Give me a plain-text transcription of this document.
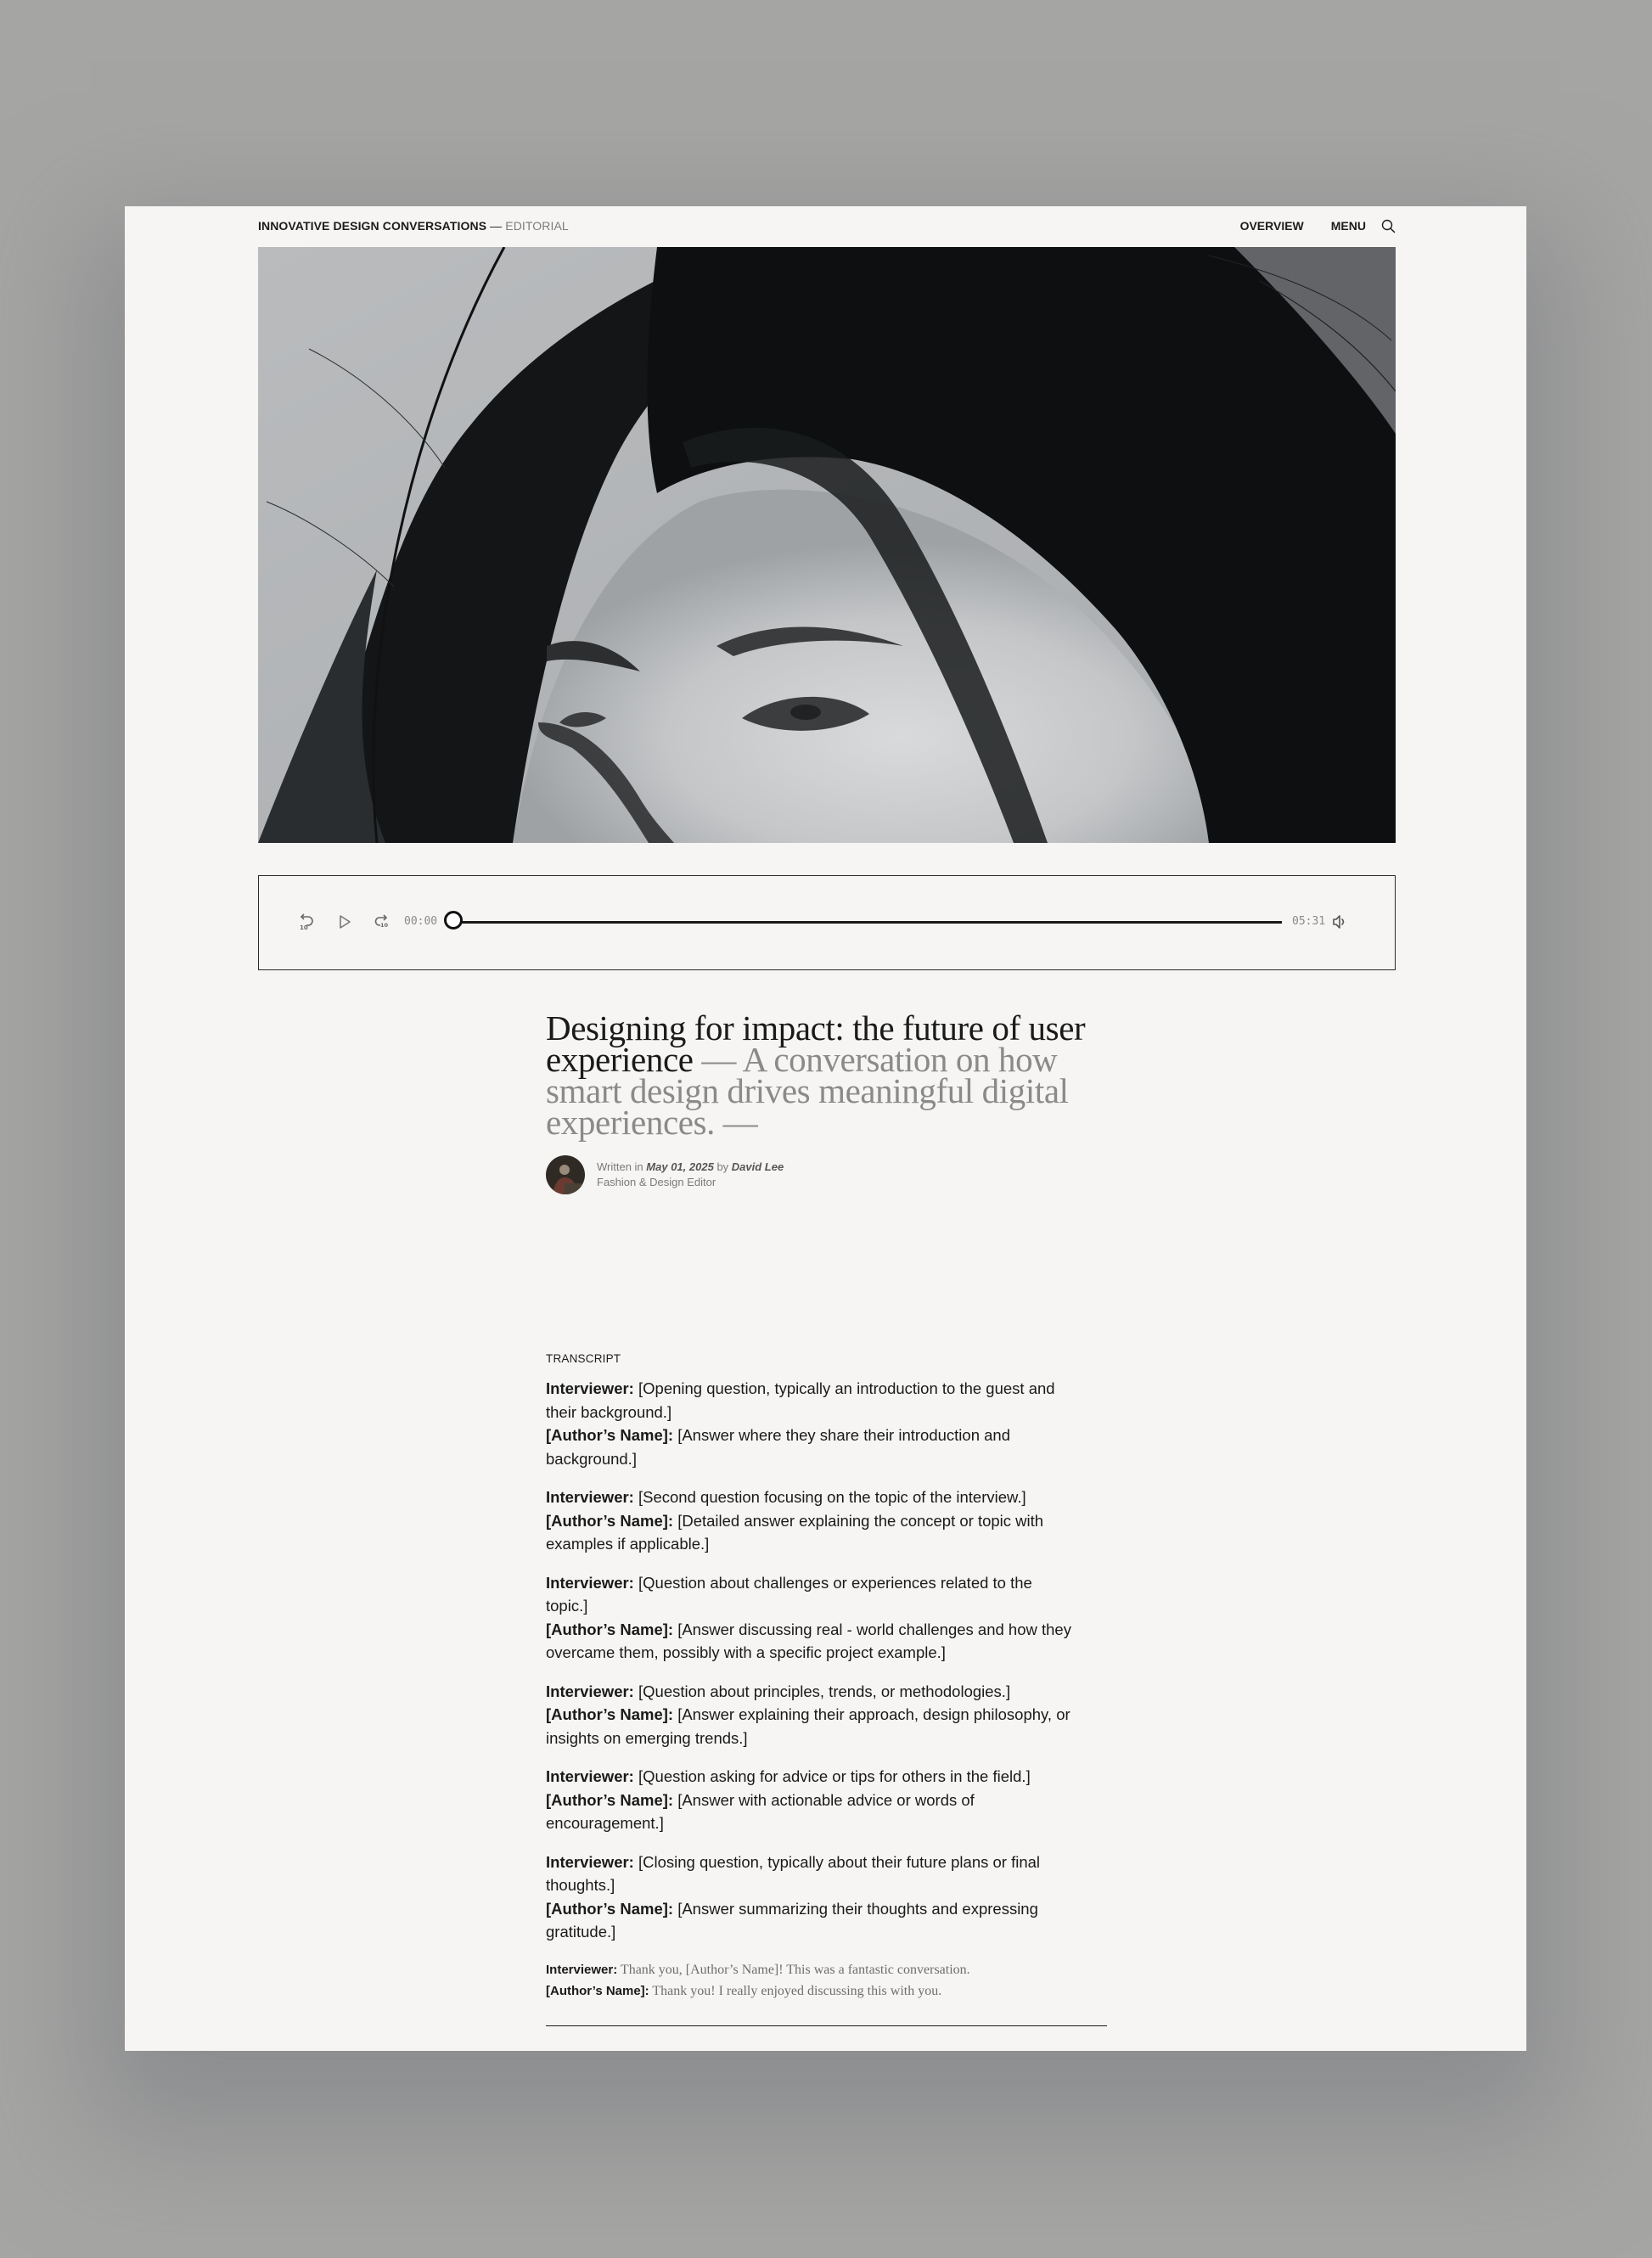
INNOVATIVE DESIGN CONVERSATIONS — EDITORIAL	OVERVIEW MENU
10	10 00:00	05:31
Designing for impact: the future of user experience — A conversation on how smart design drives meaningful digital experiences. —
Written in May 01, 2025 by David Lee
Fashion & Design Editor
TRANSCRIPT
Interviewer: [Opening question, typically an introduction to the guest and their background.]
[Author’s Name]: [Answer where they share their introduction and background.]
Interviewer: [Second question focusing on the topic of the interview.]
[Author’s Name]: [Detailed answer explaining the concept or topic with examples if applicable.]
Interviewer: [Question about challenges or experiences related to the topic.]
[Author’s Name]: [Answer discussing real - world challenges and how they overcame them, possibly with a specific project example.]
Interviewer: [Question about principles, trends, or methodologies.]
[Author’s Name]: [Answer explaining their approach, design philosophy, or insights on emerging trends.]
Interviewer: [Question asking for advice or tips for others in the field.]
[Author’s Name]: [Answer with actionable advice or words of encouragement.]
Interviewer: [Closing question, typically about their future plans or final thoughts.]
[Author’s Name]: [Answer summarizing their thoughts and expressing gratitude.]
Interviewer: Thank you, [Author’s Name]! This was a fantastic conversation.
[Author’s Name]: Thank you! I really enjoyed discussing this with you.
